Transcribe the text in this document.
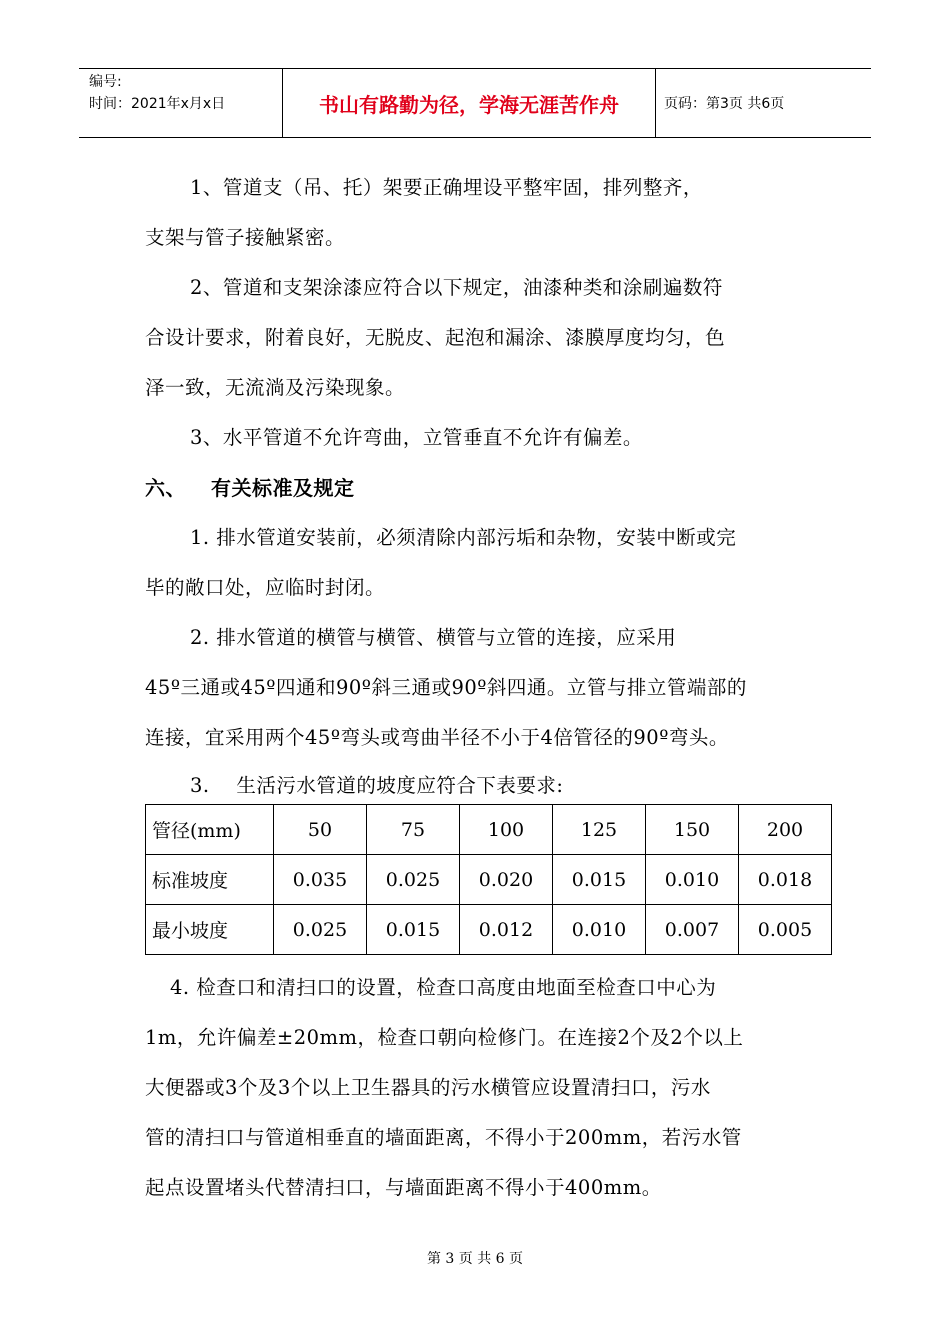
编号:
时间：2021年x月x日	书山有路勤为径，学海无涯苦作舟	页码：第3页 共6页
1、管道支（吊、托）架要正确埋设平整牢固，排列整齐，
支架与管子接触紧密。
2、管道和支架涂漆应符合以下规定，油漆种类和涂刷遍数符
合设计要求，附着良好，无脱皮、起泡和漏涂、漆膜厚度均匀，色
泽一致，无流淌及污染现象。
3、水平管道不允许弯曲，立管垂直不允许有偏差。
六、 有关标准及规定
1. 排水管道安装前，必须清除内部污垢和杂物，安装中断或完
毕的敞口处，应临时封闭。
2. 排水管道的横管与横管、横管与立管的连接，应采用
45º三通或45º四通和90º斜三通或90º斜四通。立管与排立管端部的
连接，宜采用两个45º弯头或弯曲半径不小于4倍管径的90º弯头。
3.    生活污水管道的坡度应符合下表要求:
管径(mm)	50	75	100	125	150	200
标准坡度	0.035	0.025	0.020	0.015	0.010	0.018
最小坡度	0.025	0.015	0.012	0.010	0.007	0.005
4. 检查口和清扫口的设置，检查口高度由地面至检查口中心为
1m，允许偏差±20mm，检查口朝向检修门。在连接2个及2个以上
大便器或3个及3个以上卫生器具的污水横管应设置清扫口，污水
管的清扫口与管道相垂直的墙面距离，不得小于200mm，若污水管
起点设置堵头代替清扫口，与墙面距离不得小于400mm。
第 3 页 共 6 页
